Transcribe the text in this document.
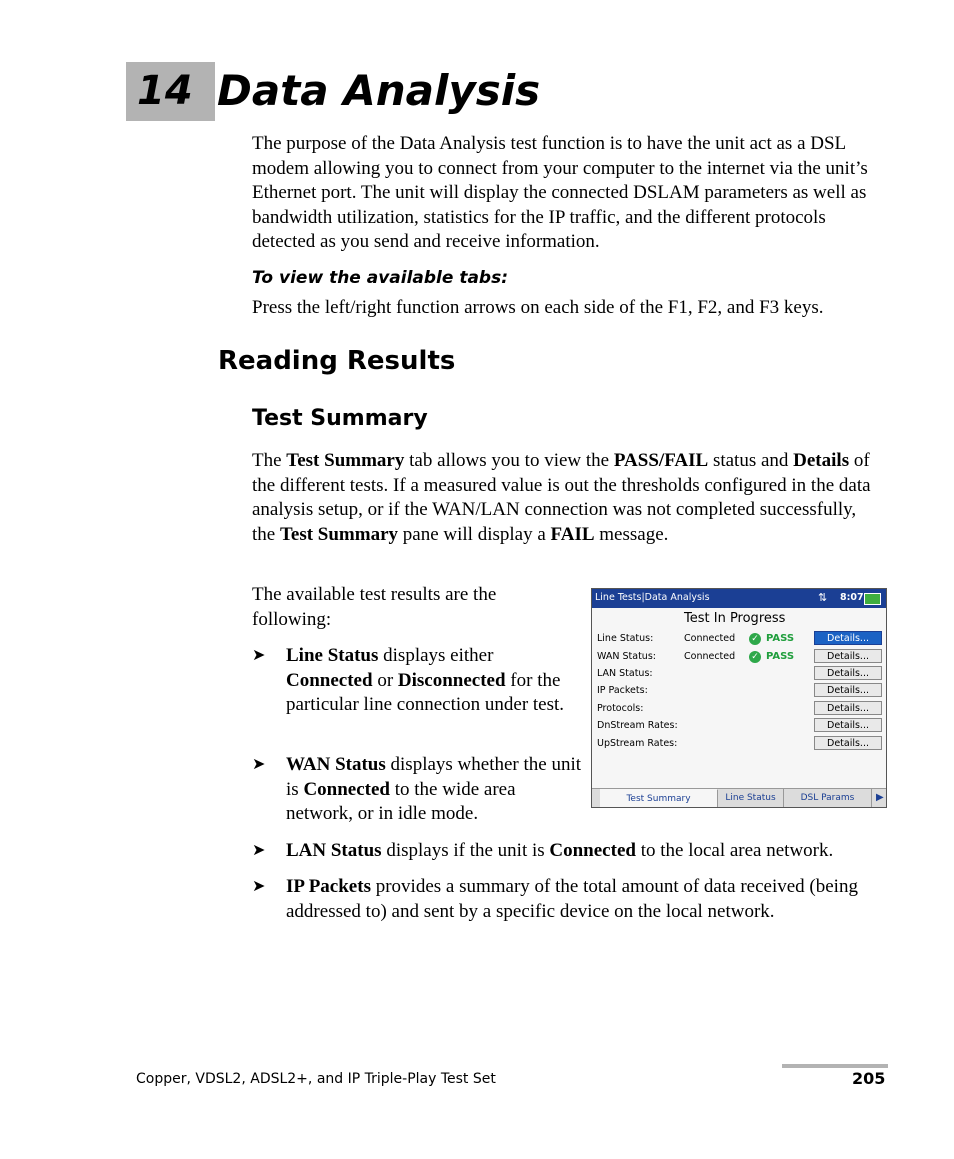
14 Data Analysis
The purpose of the Data Analysis test function is to have the unit act as a DSL modem allowing you to connect from your computer to the internet via the unit’s Ethernet port. The unit will display the connected DSLAM parameters as well as bandwidth utilization, statistics for the IP traffic, and the different protocols detected as you send and receive information.
To view the available tabs:
Press the left/right function arrows on each side of the F1, F2, and F3 keys.
Reading Results
Test Summary
The Test Summary tab allows you to view the PASS/FAIL status and Details of the different tests. If a measured value is out the thresholds configured in the data analysis setup, or if the WAN/LAN connection was not completed successfully, the Test Summary pane will display a FAIL message.
The available test results are the following:
➤ Line Status displays either Connected or Disconnected for the particular line connection under test.
➤ WAN Status displays whether the unit is Connected to the wide area network, or in idle mode.
➤ LAN Status displays if the unit is Connected to the local area network.
➤ IP Packets provides a summary of the total amount of data received (being addressed to) and sent by a specific device on the local network.
Line Tests|Data Analysis	⇅ 8:07
Test In Progress
Line Status:	Connected ✓ PASS	Details...
WAN Status:	Connected ✓ PASS	Details...
LAN Status:	Details...
IP Packets:	Details...
Protocols:	Details...
DnStream Rates:	Details...
UpStream Rates:	Details...
Test Summary	Line Status	DSL Params	▶
Copper, VDSL2, ADSL2+, and IP Triple-Play Test Set	205
